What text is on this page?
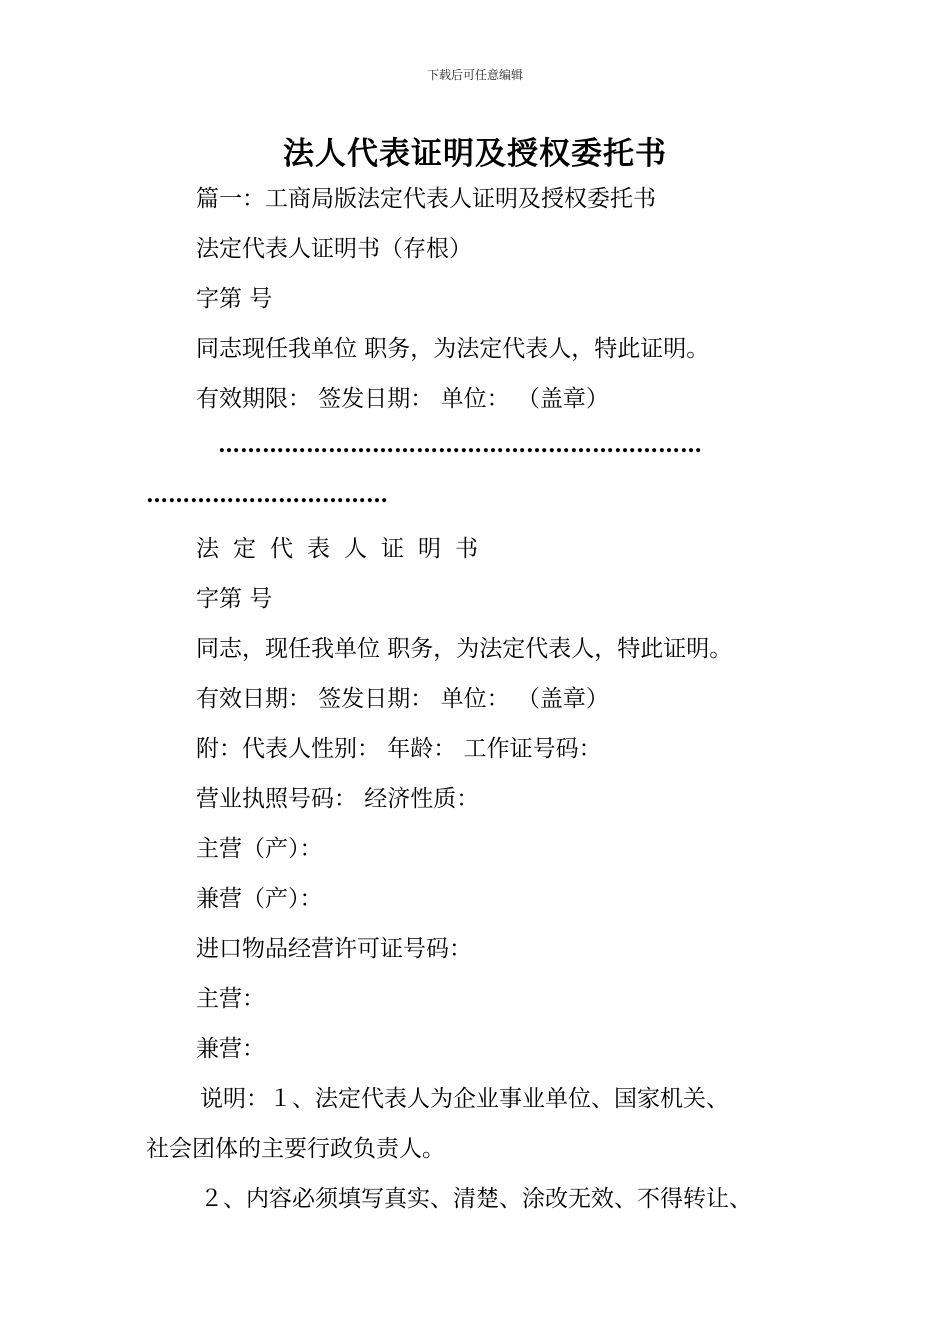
下载后可任意编辑
法人代表证明及授权委托书
篇一：工商局版法定代表人证明及授权委托书
法定代表人证明书（存根）
字第 号
同志现任我单位 职务，为法定代表人，特此证明。
有效期限： 签发日期： 单位： （盖章）
…………………………………………………………
……………………………
法定代表人证明书
字第 号
同志，现任我单位 职务，为法定代表人，特此证明。
有效日期： 签发日期： 单位： （盖章）
附：代表人性别： 年龄： 工作证号码：
营业执照号码： 经济性质：
主营（产）：
兼营（产）：
进口物品经营许可证号码：
主营：
兼营：
说明：１、法定代表人为企业事业单位、国家机关、
社会团体的主要行政负责人。
２、内容必须填写真实、清楚、涂改无效、不得转让、
